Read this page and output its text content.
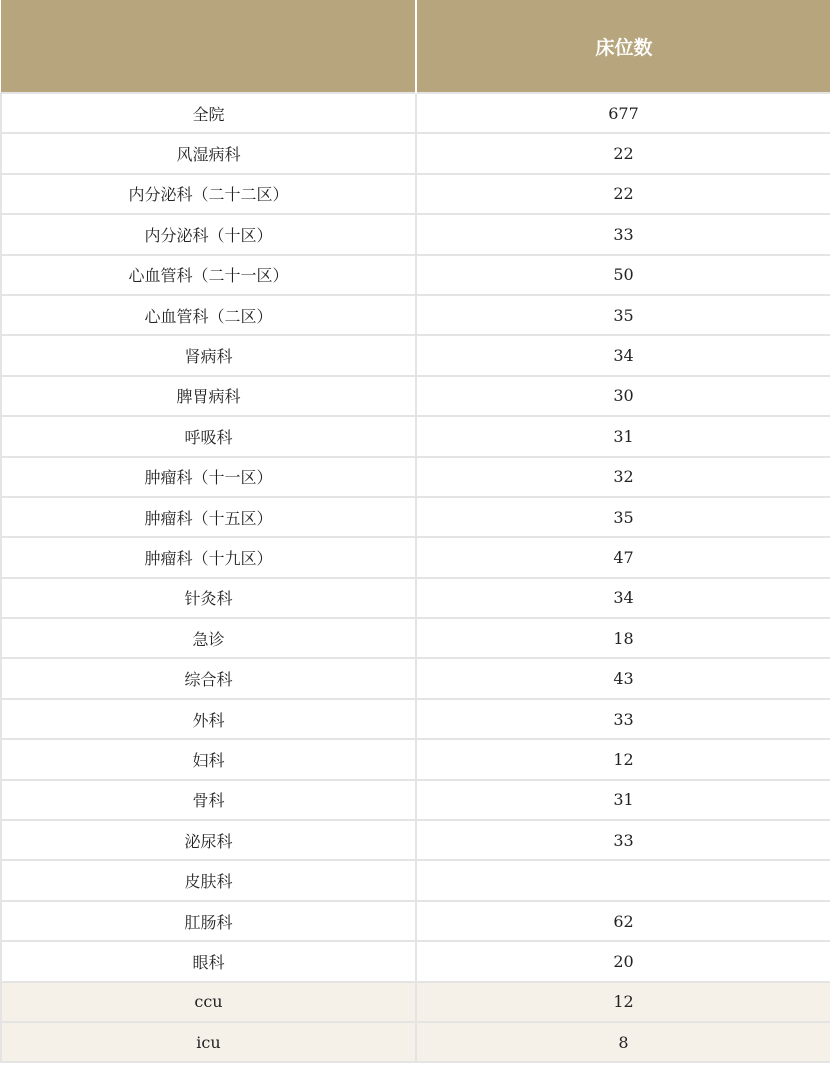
	床位数
全院	677
风湿病科	22
内分泌科（二十二区）	22
内分泌科（十区）	33
心血管科（二十一区）	50
心血管科（二区）	35
肾病科	34
脾胃病科	30
呼吸科	31
肿瘤科（十一区）	32
肿瘤科（十五区）	35
肿瘤科（十九区）	47
针灸科	34
急诊	18
综合科	43
外科	33
妇科	12
骨科	31
泌尿科	33
皮肤科	
肛肠科	62
眼科	20
ccu	12
icu	8
